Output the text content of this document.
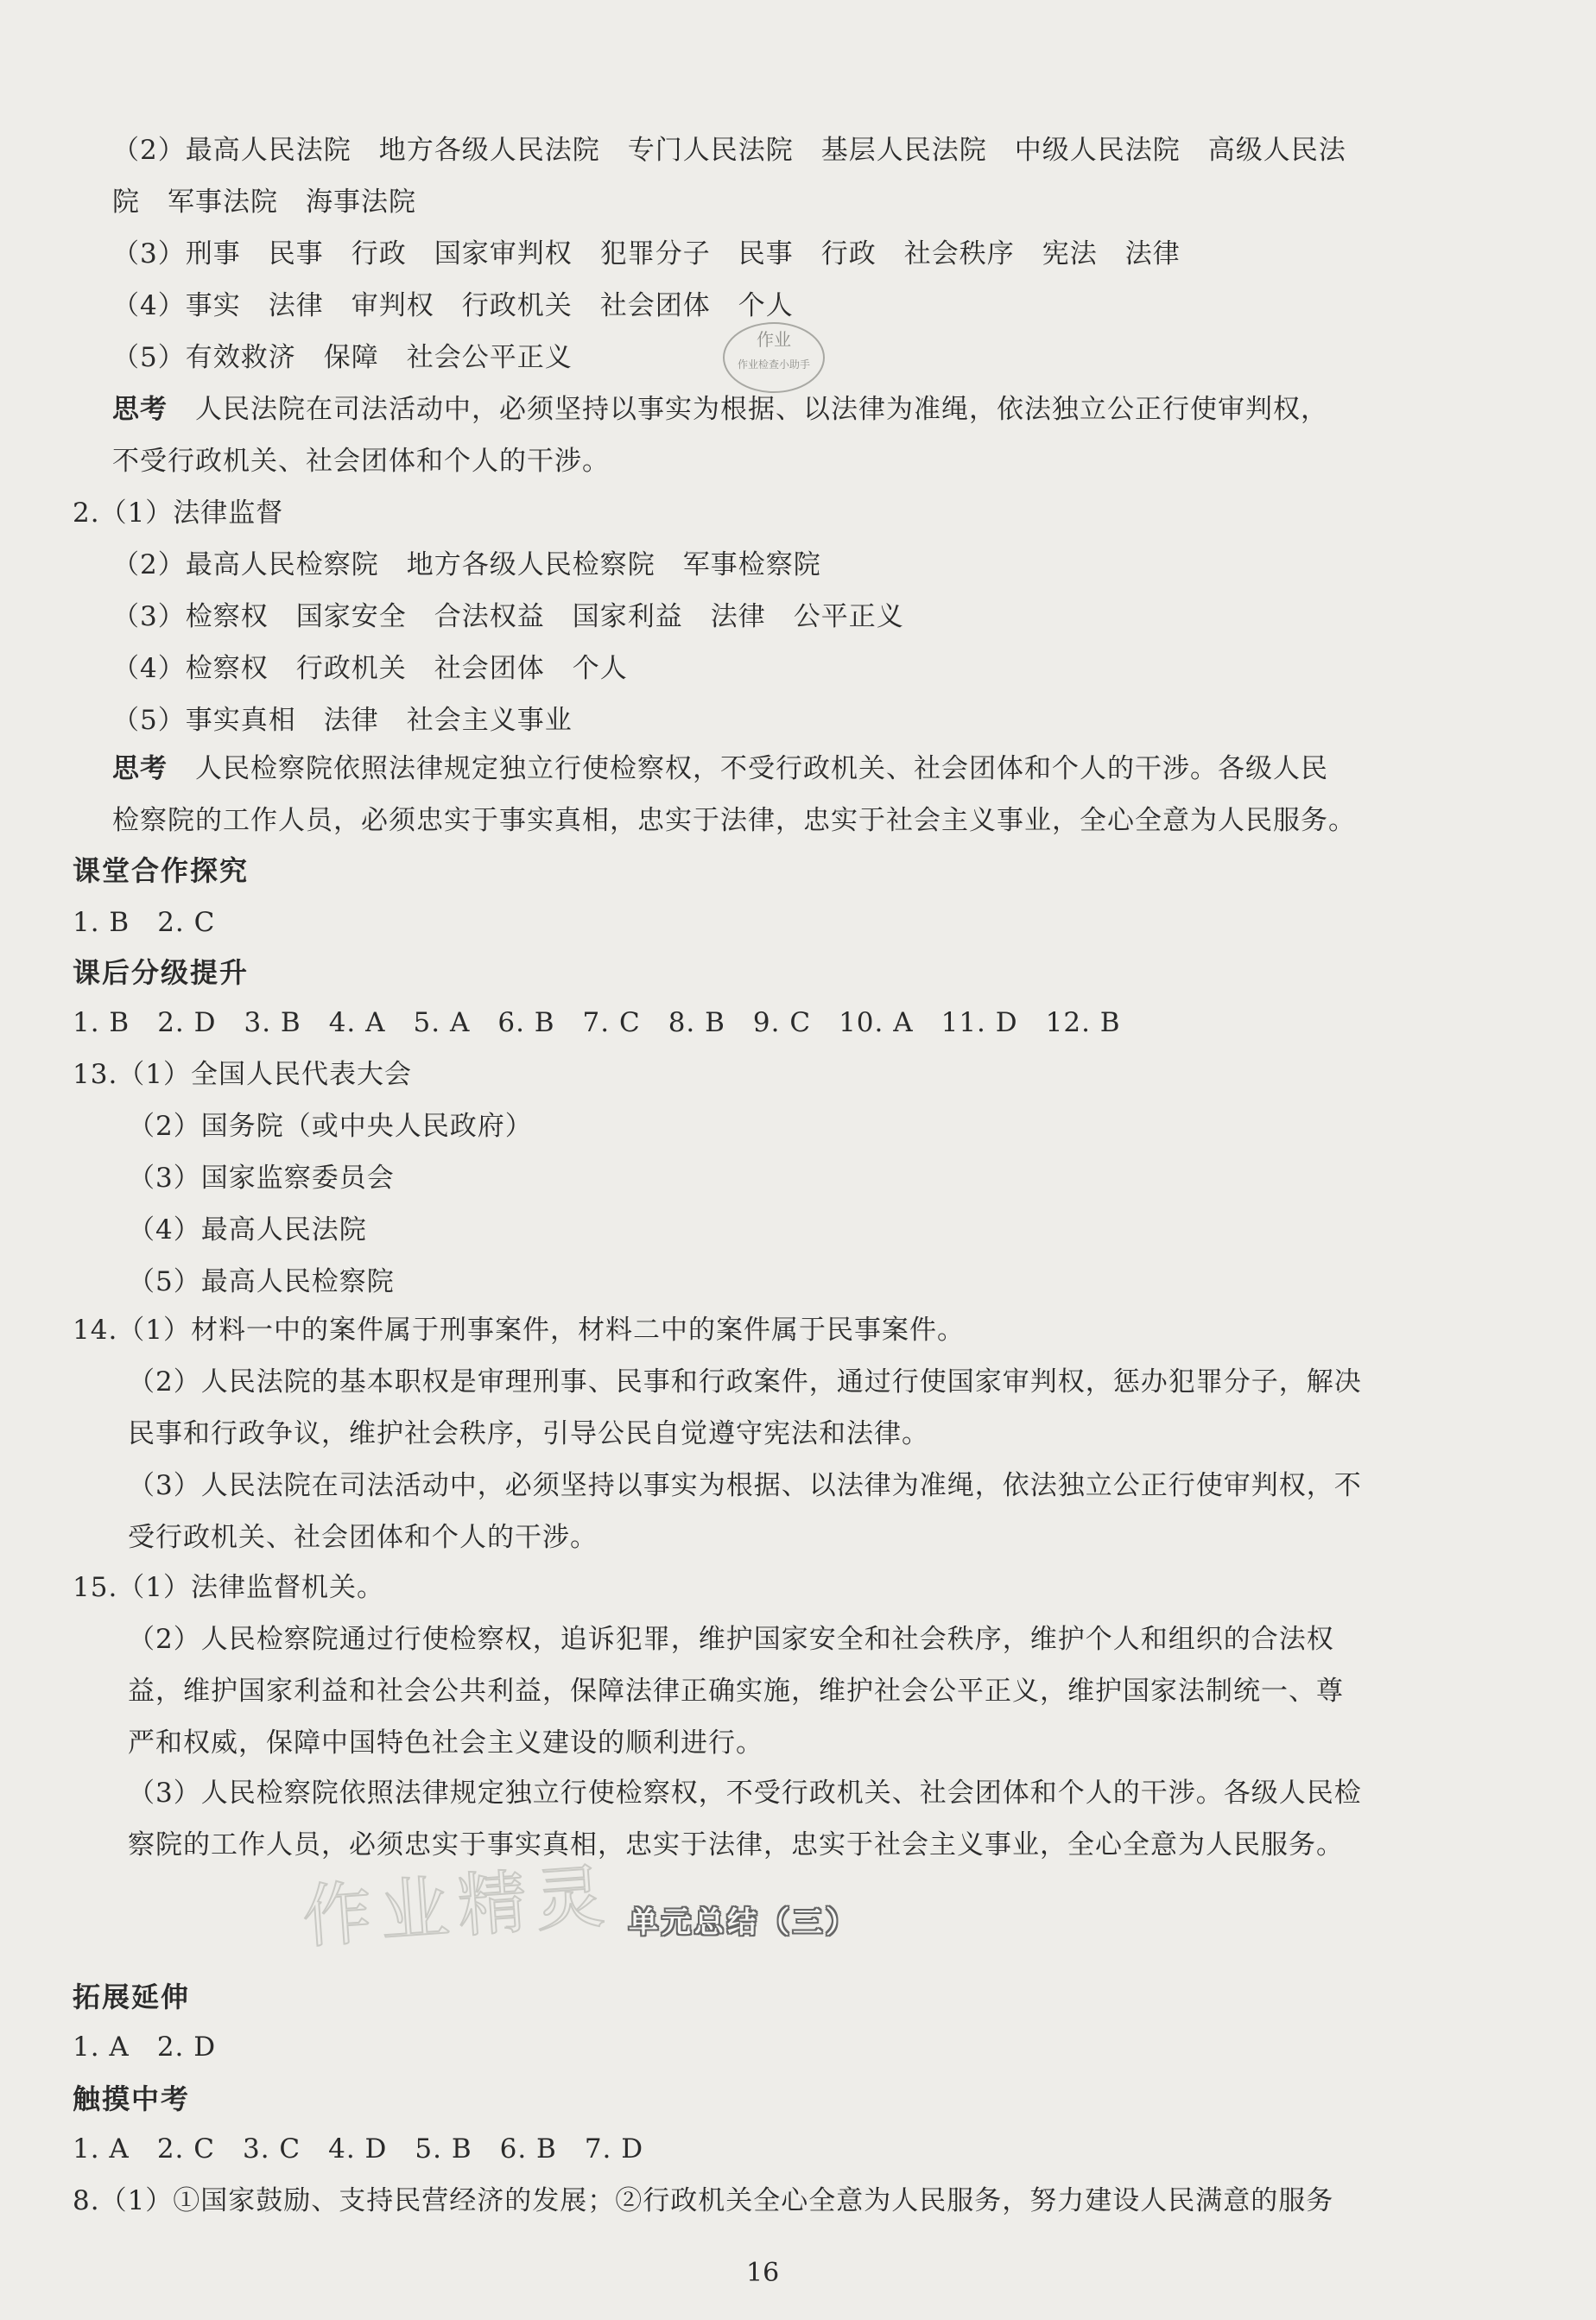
（2）最高人民法院　地方各级人民法院　专门人民法院　基层人民法院　中级人民法院　高级人民法
院　军事法院　海事法院
（3）刑事　民事　行政　国家审判权　犯罪分子　民事　行政　社会秩序　宪法　法律
（4）事实　法律　审判权　行政机关　社会团体　个人
（5）有效救济　保障　社会公平正义
思考 人民法院在司法活动中，必须坚持以事实为根据、以法律为准绳，依法独立公正行使审判权，
不受行政机关、社会团体和个人的干涉。
2.（1）法律监督
（2）最高人民检察院　地方各级人民检察院　军事检察院
（3）检察权　国家安全　合法权益　国家利益　法律　公平正义
（4）检察权　行政机关　社会团体　个人
（5）事实真相　法律　社会主义事业
思考 人民检察院依照法律规定独立行使检察权，不受行政机关、社会团体和个人的干涉。各级人民
检察院的工作人员，必须忠实于事实真相，忠实于法律，忠实于社会主义事业，全心全意为人民服务。
课堂合作探究
1. B　2. C
课后分级提升
1. B　2. D　3. B　4. A　5. A　6. B　7. C　8. B　9. C　10. A　11. D　12. B
13.（1）全国人民代表大会
（2）国务院（或中央人民政府）
（3）国家监察委员会
（4）最高人民法院
（5）最高人民检察院
14.（1）材料一中的案件属于刑事案件，材料二中的案件属于民事案件。
（2）人民法院的基本职权是审理刑事、民事和行政案件，通过行使国家审判权，惩办犯罪分子，解决
民事和行政争议，维护社会秩序，引导公民自觉遵守宪法和法律。
（3）人民法院在司法活动中，必须坚持以事实为根据、以法律为准绳，依法独立公正行使审判权，不
受行政机关、社会团体和个人的干涉。
15.（1）法律监督机关。
（2）人民检察院通过行使检察权，追诉犯罪，维护国家安全和社会秩序，维护个人和组织的合法权
益，维护国家利益和社会公共利益，保障法律正确实施，维护社会公平正义，维护国家法制统一、尊
严和权威，保障中国特色社会主义建设的顺利进行。
（3）人民检察院依照法律规定独立行使检察权，不受行政机关、社会团体和个人的干涉。各级人民检
察院的工作人员，必须忠实于事实真相，忠实于法律，忠实于社会主义事业，全心全意为人民服务。
作业精灵 单元总结（三）
拓展延伸
1. A　2. D
触摸中考
1. A　2. C　3. C　4. D　5. B　6. B　7. D
8.（1）①国家鼓励、支持民营经济的发展；②行政机关全心全意为人民服务，努力建设人民满意的服务
作业
作业检查小助手
16
